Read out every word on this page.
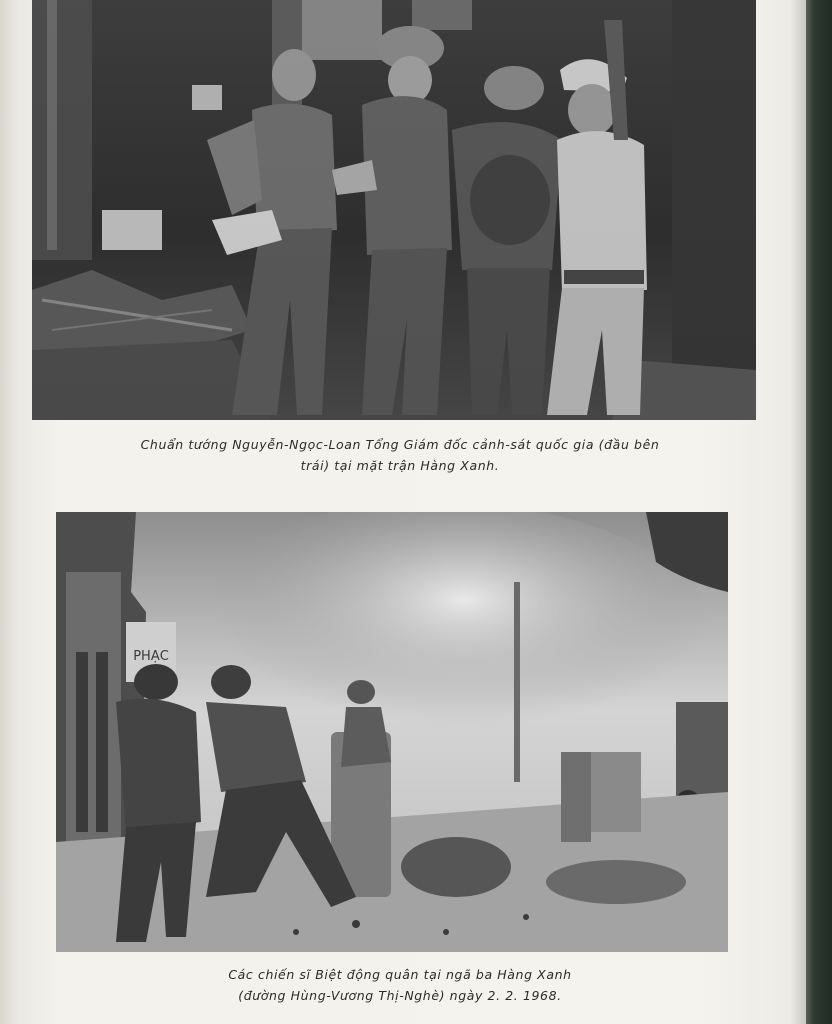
Chuẩn tướng Nguyễn-Ngọc-Loan Tổng Giám đốc cảnh-sát quốc gia (đầu bên
trái) tại mặt trận Hàng Xanh.
PHẠC
Các chiến sĩ Biệt động quân tại ngã ba Hàng Xanh
(đường Hùng-Vương Thị-Nghè) ngày 2. 2. 1968.
